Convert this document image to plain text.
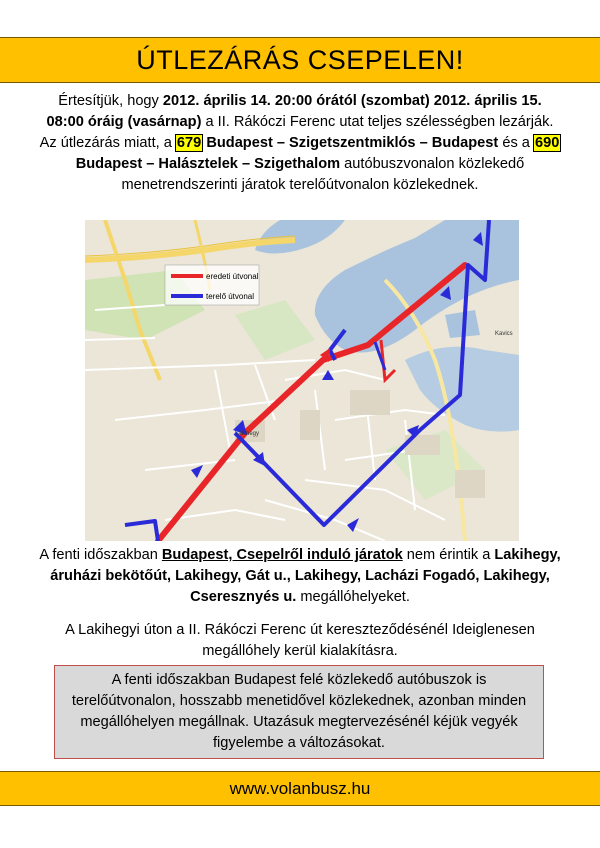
ÚTLEZÁRÁS CSEPELEN!
Értesítjük, hogy 2012. április 14. 20:00 órától (szombat) 2012. április 15. 08:00 óráig (vasárnap) a II. Rákóczi Ferenc utat teljes szélességben lezárják. Az útlezárás miatt, a 679 Budapest – Szigetszentmiklós – Budapest és a 690 Budapest – Halásztelek – Szigethalom autóbuszvonalon közlekedő menetrendszerinti járatok terelőútvonalon közlekednek.
eredeti útvonal
terelő útvonal
Lakihegy
Kavics
A fenti időszakban Budapest, Csepelről induló járatok nem érintik a Lakihegy, áruházi bekötőút, Lakihegy, Gát u., Lakihegy, Lacházi Fogadó, Lakihegy, Cseresznyés u. megállóhelyeket.
A Lakihegyi úton a II. Rákóczi Ferenc út kereszteződésénél Ideiglenesen megállóhely kerül kialakításra.

A fenti időszakban Budapest felé közlekedő autóbuszok is terelőútvonalon, hosszabb menetidővel közlekednek, azonban minden megállóhelyen megállnak. Utazásuk megtervezésénél kéjük vegyék figyelembe a változásokat.

www.volanbusz.hu
